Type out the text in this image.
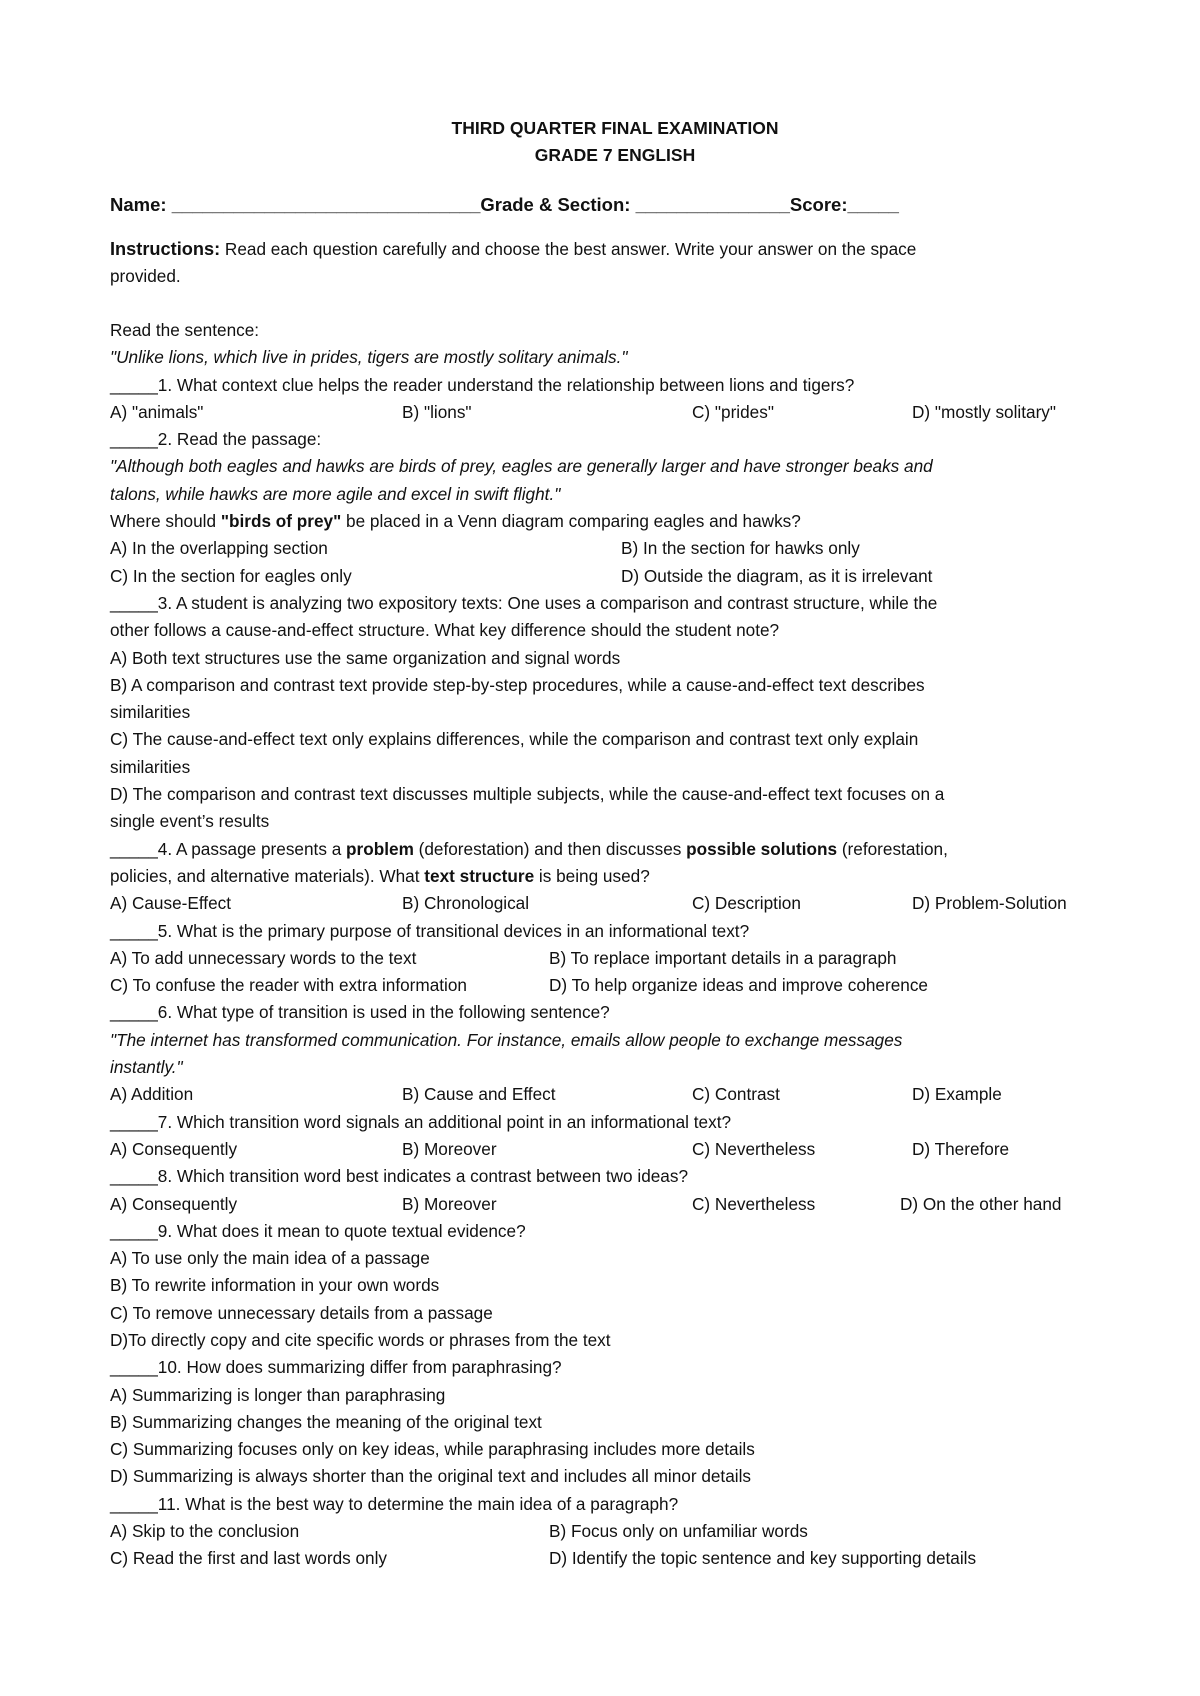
THIRD QUARTER FINAL EXAMINATION
GRADE 7 ENGLISH
Name: ______________________________Grade & Section: _______________Score:_____
Instructions: Read each question carefully and choose the best answer. Write your answer on the space
provided.
Read the sentence:
"Unlike lions, which live in prides, tigers are mostly solitary animals."
_____1. What context clue helps the reader understand the relationship between lions and tigers?
A) "animals"	B) "lions"	C) "prides"	D) "mostly solitary"
_____2. Read the passage:
"Although both eagles and hawks are birds of prey, eagles are generally larger and have stronger beaks and
talons, while hawks are more agile and excel in swift flight."
Where should "birds of prey" be placed in a Venn diagram comparing eagles and hawks?
A) In the overlapping section	B) In the section for hawks only
C) In the section for eagles only	D) Outside the diagram, as it is irrelevant
_____3. A student is analyzing two expository texts: One uses a comparison and contrast structure, while the
other follows a cause-and-effect structure. What key difference should the student note?
A) Both text structures use the same organization and signal words
B) A comparison and contrast text provide step-by-step procedures, while a cause-and-effect text describes
similarities
C) The cause-and-effect text only explains differences, while the comparison and contrast text only explain
similarities
D) The comparison and contrast text discusses multiple subjects, while the cause-and-effect text focuses on a
single event’s results
_____4. A passage presents a problem (deforestation) and then discusses possible solutions (reforestation,
policies, and alternative materials). What text structure is being used?
A) Cause-Effect	B) Chronological	C) Description	D) Problem-Solution
_____5. What is the primary purpose of transitional devices in an informational text?
A) To add unnecessary words to the text	B) To replace important details in a paragraph
C) To confuse the reader with extra information	D) To help organize ideas and improve coherence
_____6. What type of transition is used in the following sentence?
"The internet has transformed communication. For instance, emails allow people to exchange messages
instantly."
A) Addition	B) Cause and Effect	C) Contrast	D) Example
_____7. Which transition word signals an additional point in an informational text?
A) Consequently	B) Moreover	C) Nevertheless	D) Therefore
_____8. Which transition word best indicates a contrast between two ideas?
A) Consequently	B) Moreover	C) Nevertheless	D) On the other hand
_____9. What does it mean to quote textual evidence?
A) To use only the main idea of a passage
B) To rewrite information in your own words
C) To remove unnecessary details from a passage
D)To directly copy and cite specific words or phrases from the text
_____10. How does summarizing differ from paraphrasing?
A) Summarizing is longer than paraphrasing
B) Summarizing changes the meaning of the original text
C) Summarizing focuses only on key ideas, while paraphrasing includes more details
D) Summarizing is always shorter than the original text and includes all minor details
_____11. What is the best way to determine the main idea of a paragraph?
A) Skip to the conclusion	B) Focus only on unfamiliar words
C) Read the first and last words only	D) Identify the topic sentence and key supporting details
